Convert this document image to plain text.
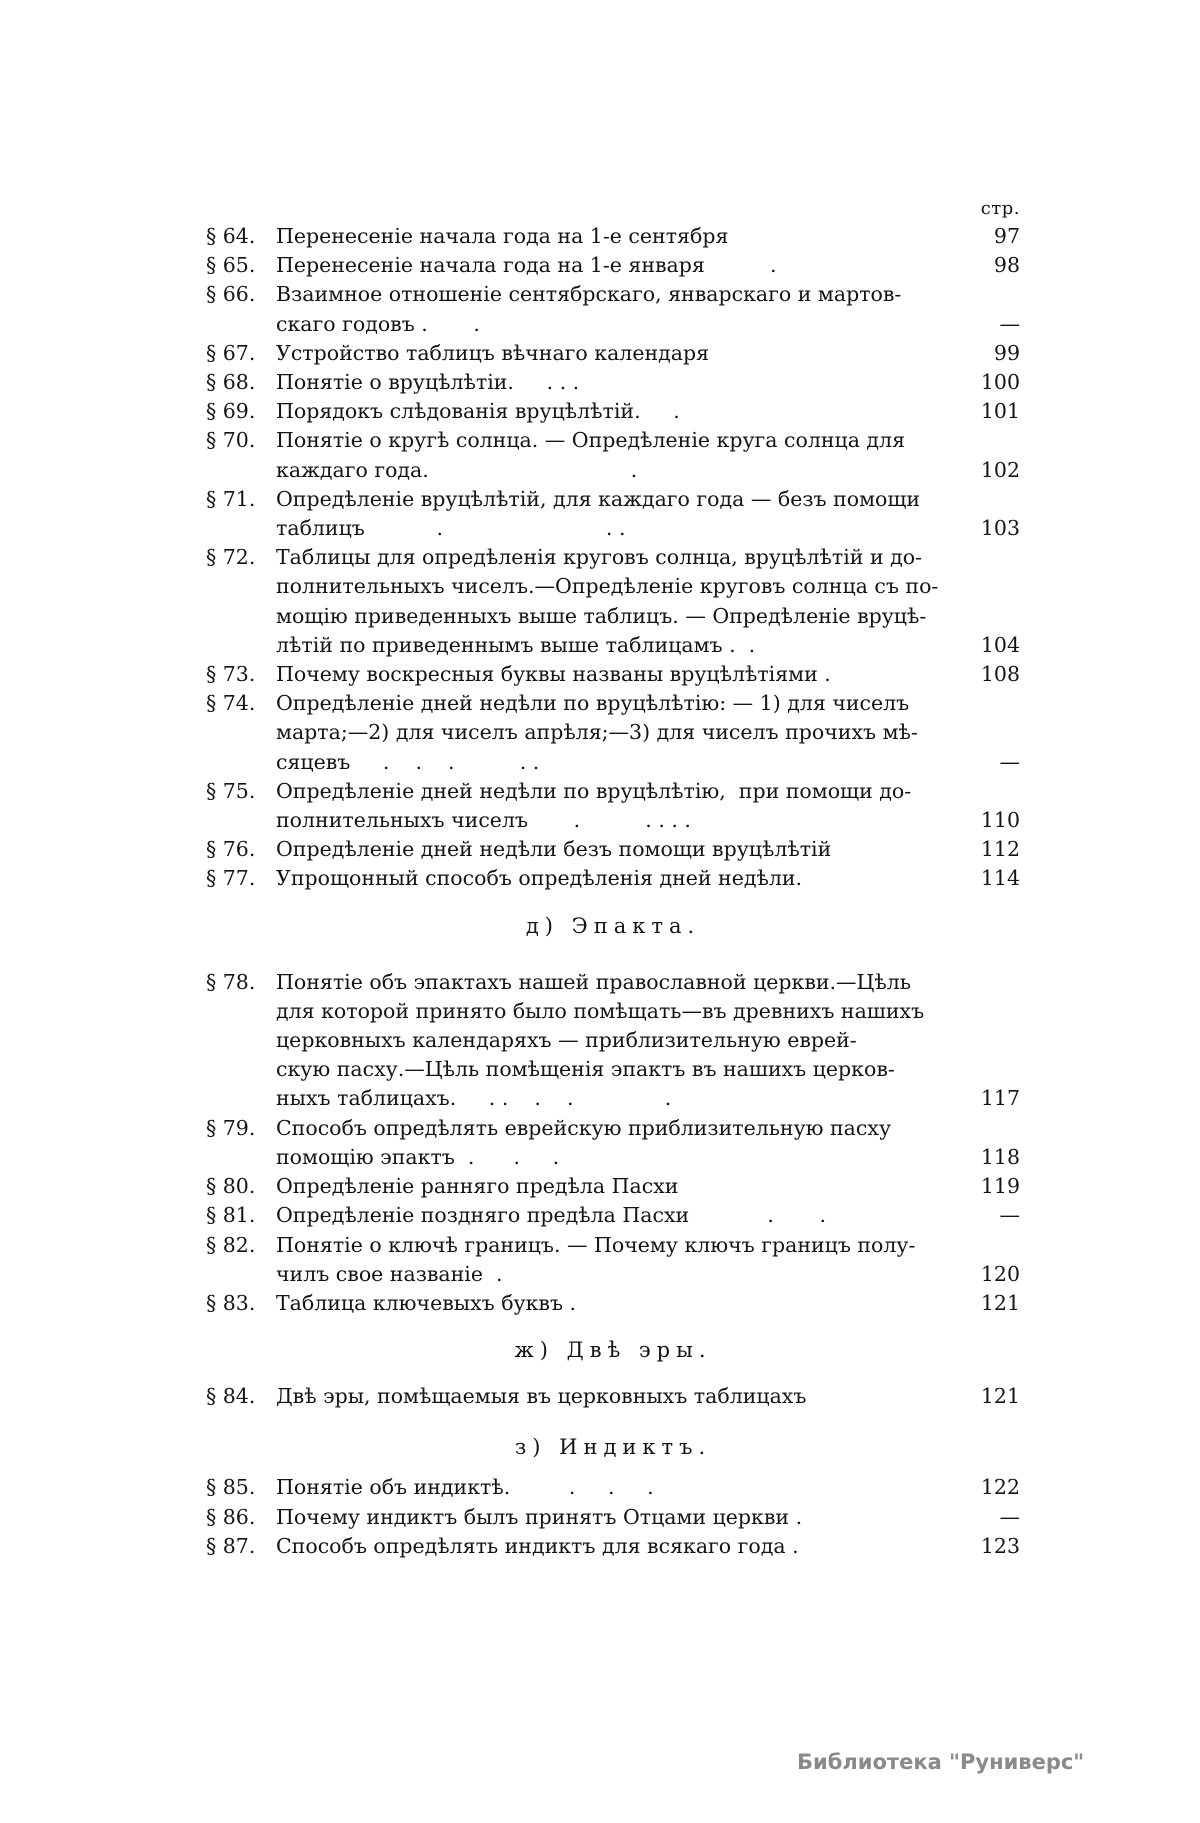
стр.
§ 64.	Перенесеніе начала года на 1-е сентября	97
§ 65.	Перенесеніе начала года на 1-е января          .	98
§ 66.	Взаимное отношеніе сентябрскаго, январскаго и мартов-
скаго годовъ .       .	—
§ 67.	Устройство таблицъ вѣчнаго календаря	99
§ 68.	Понятіе о вруцѣлѣтіи.     . . .	100
§ 69.	Порядокъ слѣдованія вруцѣлѣтій.     .	101
§ 70.	Понятіе о кругѣ солнца. — Опредѣленіе круга солнца для
каждаго года.                               .	102
§ 71.	Опредѣленіе вруцѣлѣтій, для каждаго года — безъ помощи
таблицъ           .                         . .	103
§ 72.	Таблицы для опредѣленія круговъ солнца, вруцѣлѣтій и до-
полнительныхъ чиселъ.—Опредѣленіе круговъ солнца съ по-
мощію приведенныхъ выше таблицъ. — Опредѣленіе вруцѣ-
лѣтій по приведеннымъ выше таблицамъ .  .	104
§ 73.	Почему воскресныя буквы названы вруцѣлѣтіями .	108
§ 74.	Опредѣленіе дней недѣли по вруцѣлѣтію: — 1) для чиселъ
марта;—2) для чиселъ апрѣля;—3) для чиселъ прочихъ мѣ-
сяцевъ     .    .    .          . .	—
§ 75.	Опредѣленіе дней недѣли по вруцѣлѣтію,  при помощи до-
полнительныхъ чиселъ       .          . . . .	110
§ 76.	Опредѣленіе дней недѣли безъ помощи вруцѣлѣтій	112
§ 77.	Упрощонный способъ опредѣленія дней недѣли.	114
д) Эпакта.
§ 78.	Понятіе объ эпактахъ нашей православной церкви.—Цѣль
для которой принято было помѣщать—въ древнихъ нашихъ
церковныхъ календаряхъ — приблизительную еврей-
скую пасху.—Цѣль помѣщенія эпактъ въ нашихъ церков-
ныхъ таблицахъ.     . .    .    .              .	117
§ 79.	Способъ опредѣлять еврейскую приблизительную пасху
помощію эпактъ  .      .     .	118
§ 80.	Опредѣленіе ранняго предѣла Пасхи	119
§ 81.	Опредѣленіе поздняго предѣла Пасхи            .       .	—
§ 82.	Понятіе о ключѣ границъ. — Почему ключъ границъ полу-
чилъ свое названіе  .	120
§ 83.	Таблица ключевыхъ буквъ .	121
ж) Двѣ эры.
§ 84.	Двѣ эры, помѣщаемыя въ церковныхъ таблицахъ	121
з) Индиктъ.
§ 85.	Понятіе объ индиктѣ.         .     .     .	122
§ 86.	Почему индиктъ былъ принятъ Отцами церкви .	—
§ 87.	Способъ опредѣлять индиктъ для всякаго года .	123
Библиотека "Руниверс"
